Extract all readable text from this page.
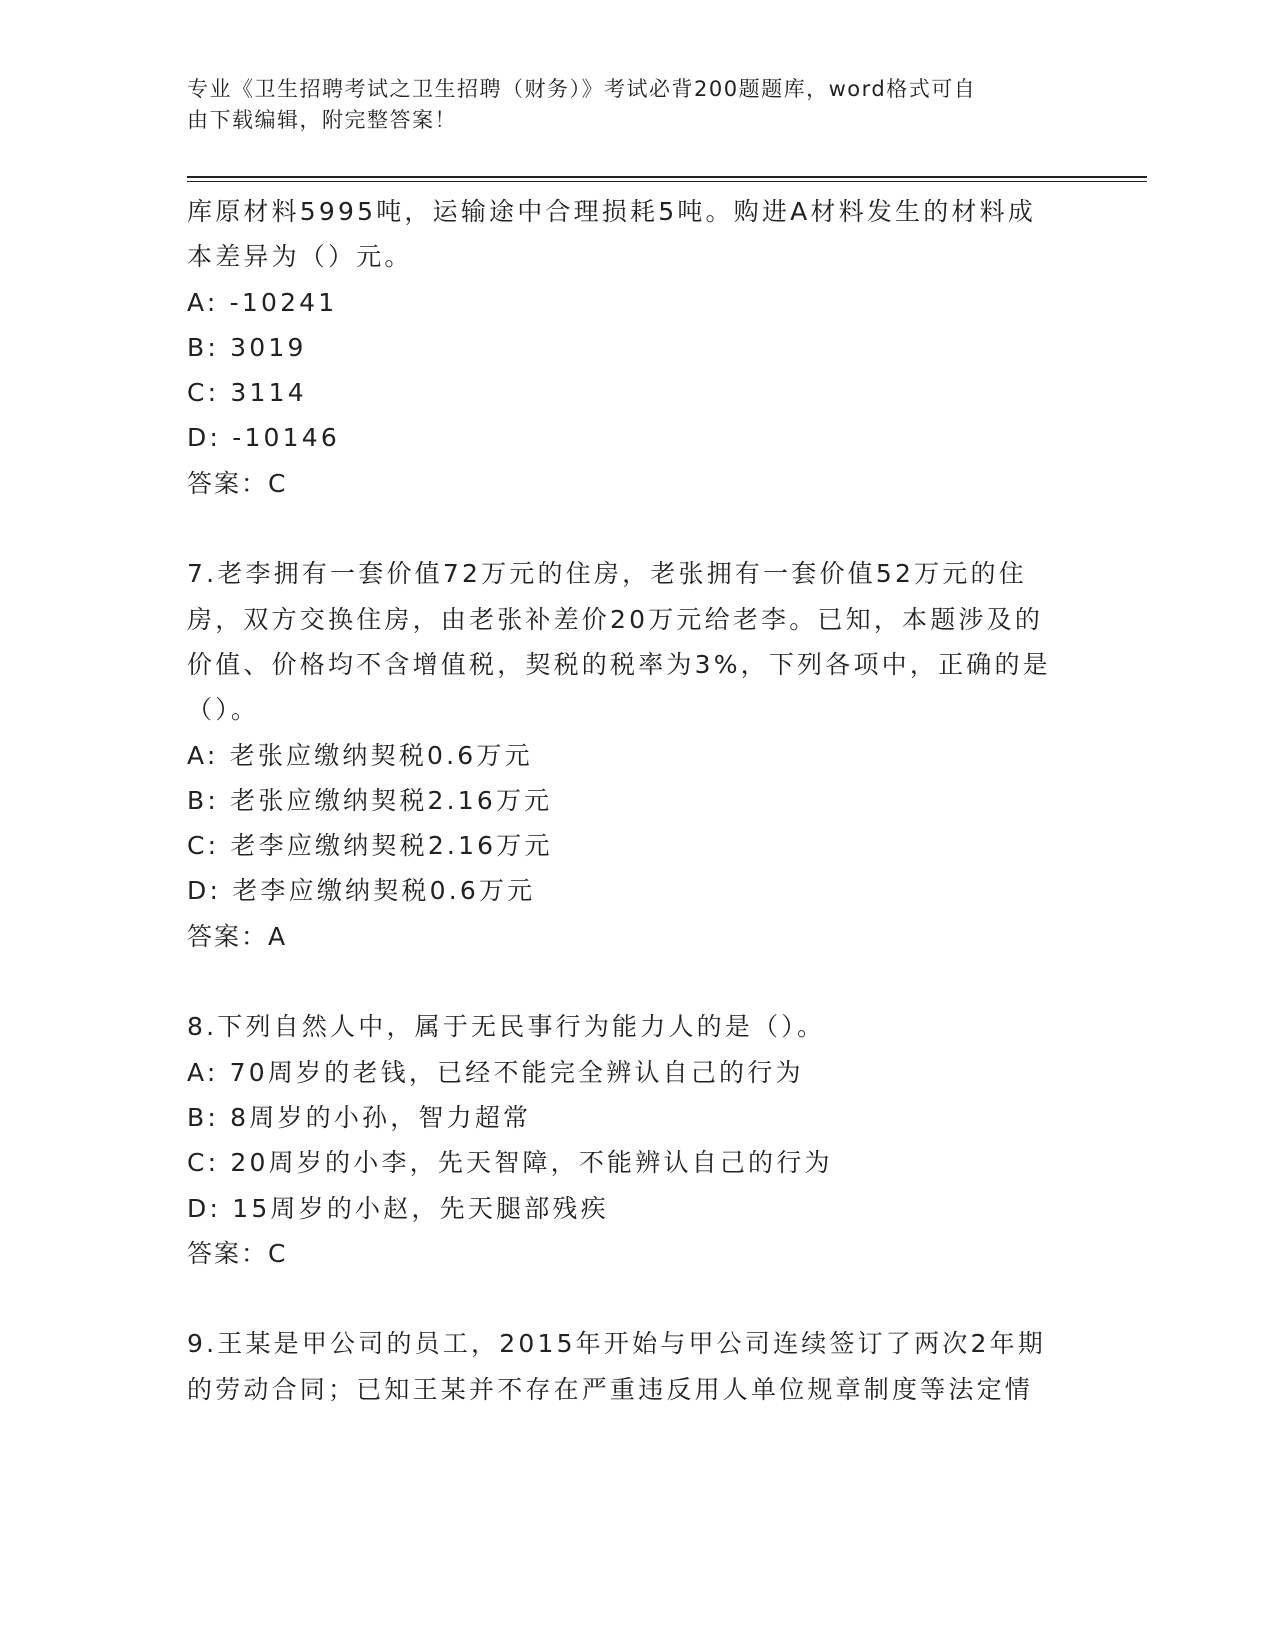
专业《卫生招聘考试之卫生招聘（财务）》考试必背200题题库，word格式可自
由下载编辑，附完整答案！
库原材料5995吨，运输途中合理损耗5吨。购进A材料发生的材料成
本差异为（）元。
A: -10241
B: 3019
C: 3114
D: -10146
答案：C
7.老李拥有一套价值72万元的住房，老张拥有一套价值52万元的住
房，双方交换住房，由老张补差价20万元给老李。已知，本题涉及的
价值、价格均不含增值税，契税的税率为3%，下列各项中，正确的是
（）。
A: 老张应缴纳契税0.6万元
B: 老张应缴纳契税2.16万元
C: 老李应缴纳契税2.16万元
D: 老李应缴纳契税0.6万元
答案：A
8.下列自然人中，属于无民事行为能力人的是（）。
A: 70周岁的老钱，已经不能完全辨认自己的行为
B: 8周岁的小孙，智力超常
C: 20周岁的小李，先天智障，不能辨认自己的行为
D: 15周岁的小赵，先天腿部残疾
答案：C
9.王某是甲公司的员工，2015年开始与甲公司连续签订了两次2年期
的劳动合同；已知王某并不存在严重违反用人单位规章制度等法定情
